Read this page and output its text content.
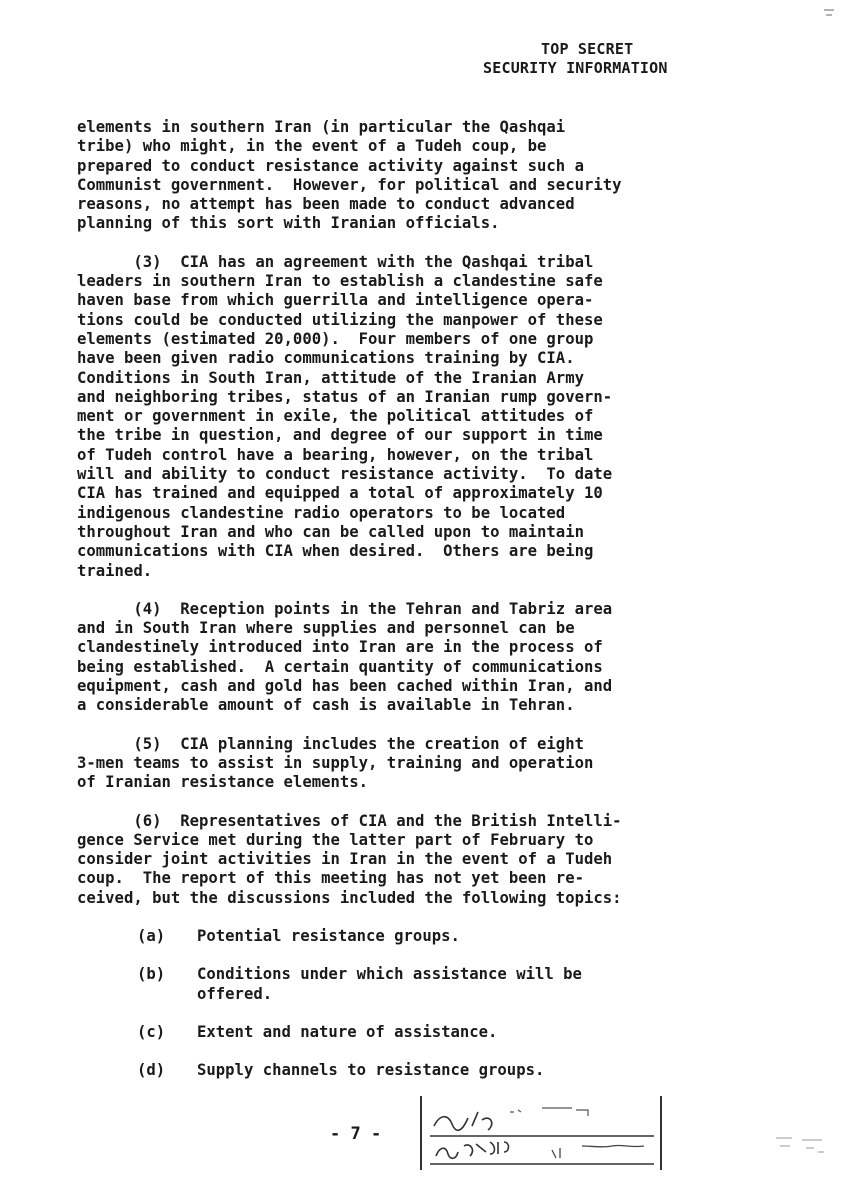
TOP SECRET
SECURITY INFORMATION
elements in southern Iran (in particular the Qashqai
tribe) who might, in the event of a Tudeh coup, be
prepared to conduct resistance activity against such a
Communist government.  However, for political and security
reasons, no attempt has been made to conduct advanced
planning of this sort with Iranian officials.
(3)  CIA has an agreement with the Qashqai tribal
leaders in southern Iran to establish a clandestine safe
haven base from which guerrilla and intelligence opera-
tions could be conducted utilizing the manpower of these
elements (estimated 20,000).  Four members of one group
have been given radio communications training by CIA.
Conditions in South Iran, attitude of the Iranian Army
and neighboring tribes, status of an Iranian rump govern-
ment or government in exile, the political attitudes of
the tribe in question, and degree of our support in time
of Tudeh control have a bearing, however, on the tribal
will and ability to conduct resistance activity.  To date
CIA has trained and equipped a total of approximately 10
indigenous clandestine radio operators to be located
throughout Iran and who can be called upon to maintain
communications with CIA when desired.  Others are being
trained.
(4)  Reception points in the Tehran and Tabriz area
and in South Iran where supplies and personnel can be
clandestinely introduced into Iran are in the process of
being established.  A certain quantity of communications
equipment, cash and gold has been cached within Iran, and
a considerable amount of cash is available in Tehran.
(5)  CIA planning includes the creation of eight
3-men teams to assist in supply, training and operation
of Iranian resistance elements.
(6)  Representatives of CIA and the British Intelli-
gence Service met during the latter part of February to
consider joint activities in Iran in the event of a Tudeh
coup.  The report of this meeting has not yet been re-
ceived, but the discussions included the following topics:
(a)	Potential resistance groups.
(b)	Conditions under which assistance will be
offered.
(c)	Extent and nature of assistance.
(d)	Supply channels to resistance groups.
- 7 -
